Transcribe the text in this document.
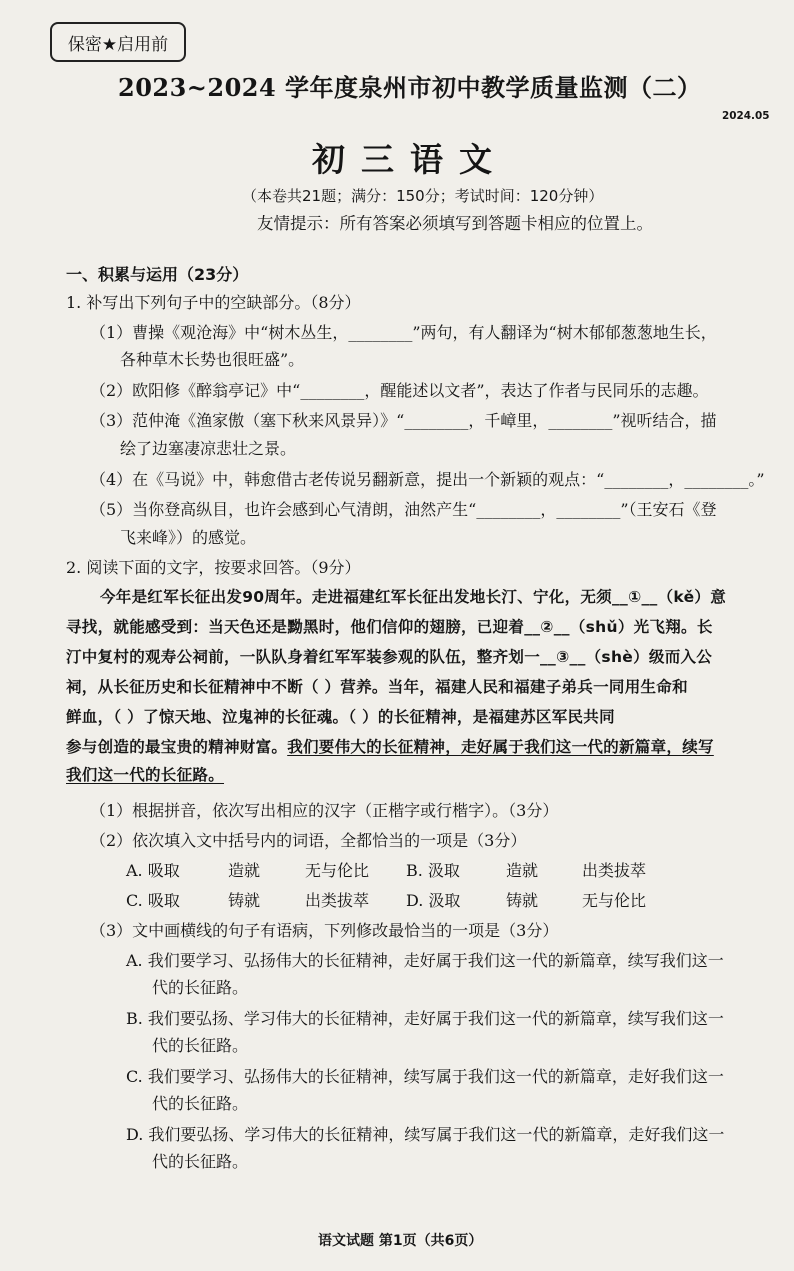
保密★启用前
2023~2024 学年度泉州市初中教学质量监测（二）
2024.05
初三语文
（本卷共21题；满分：150分；考试时间：120分钟）
友情提示：所有答案必须填写到答题卡相应的位置上。
一、积累与运用（23分）
1. 补写出下列句子中的空缺部分。（8分）
（1）曹操《观沧海》中“树木丛生，________”两句，有人翻译为“树木郁郁葱葱地生长，
各种草木长势也很旺盛”。
（2）欧阳修《醉翁亭记》中“________，醒能述以文者”，表达了作者与民同乐的志趣。
（3）范仲淹《渔家傲（塞下秋来风景异）》“________，千嶂里，________”视听结合，描
绘了边塞凄凉悲壮之景。
（4）在《马说》中，韩愈借古老传说另翻新意，提出一个新颖的观点：“________，________。”
（5）当你登高纵目，也许会感到心气清朗，油然产生“________，________”（王安石《登
飞来峰》）的感觉。
2. 阅读下面的文字，按要求回答。（9分）
今年是红军长征出发90周年。走进福建红军长征出发地长汀、宁化，无须__①__（kě）意
寻找，就能感受到：当天色还是黝黑时，他们信仰的翅膀，已迎着__②__（shǔ）光飞翔。长
汀中复村的观寿公祠前，一队队身着红军军装参观的队伍，整齐划一__③__（shè）级而入公
祠，从长征历史和长征精神中不断（ ）营养。当年，福建人民和福建子弟兵一同用生命和
鲜血，（ ）了惊天地、泣鬼神的长征魂。（ ）的长征精神，是福建苏区军民共同
参与创造的最宝贵的精神财富。我们要伟大的长征精神，走好属于我们这一代的新篇章，续写
我们这一代的长征路。
（1）根据拼音，依次写出相应的汉字（正楷字或行楷字）。（3分）
（2）依次填入文中括号内的词语，全都恰当的一项是（3分）
A. 吸取	造就	无与伦比 B. 汲取	造就	出类拔萃
C. 吸取	铸就	出类拔萃 D. 汲取	铸就	无与伦比
（3）文中画横线的句子有语病，下列修改最恰当的一项是（3分）
A. 我们要学习、弘扬伟大的长征精神，走好属于我们这一代的新篇章，续写我们这一
代的长征路。
B. 我们要弘扬、学习伟大的长征精神，走好属于我们这一代的新篇章，续写我们这一
代的长征路。
C. 我们要学习、弘扬伟大的长征精神，续写属于我们这一代的新篇章，走好我们这一
代的长征路。
D. 我们要弘扬、学习伟大的长征精神，续写属于我们这一代的新篇章，走好我们这一
代的长征路。
语文试题 第1页（共6页）
